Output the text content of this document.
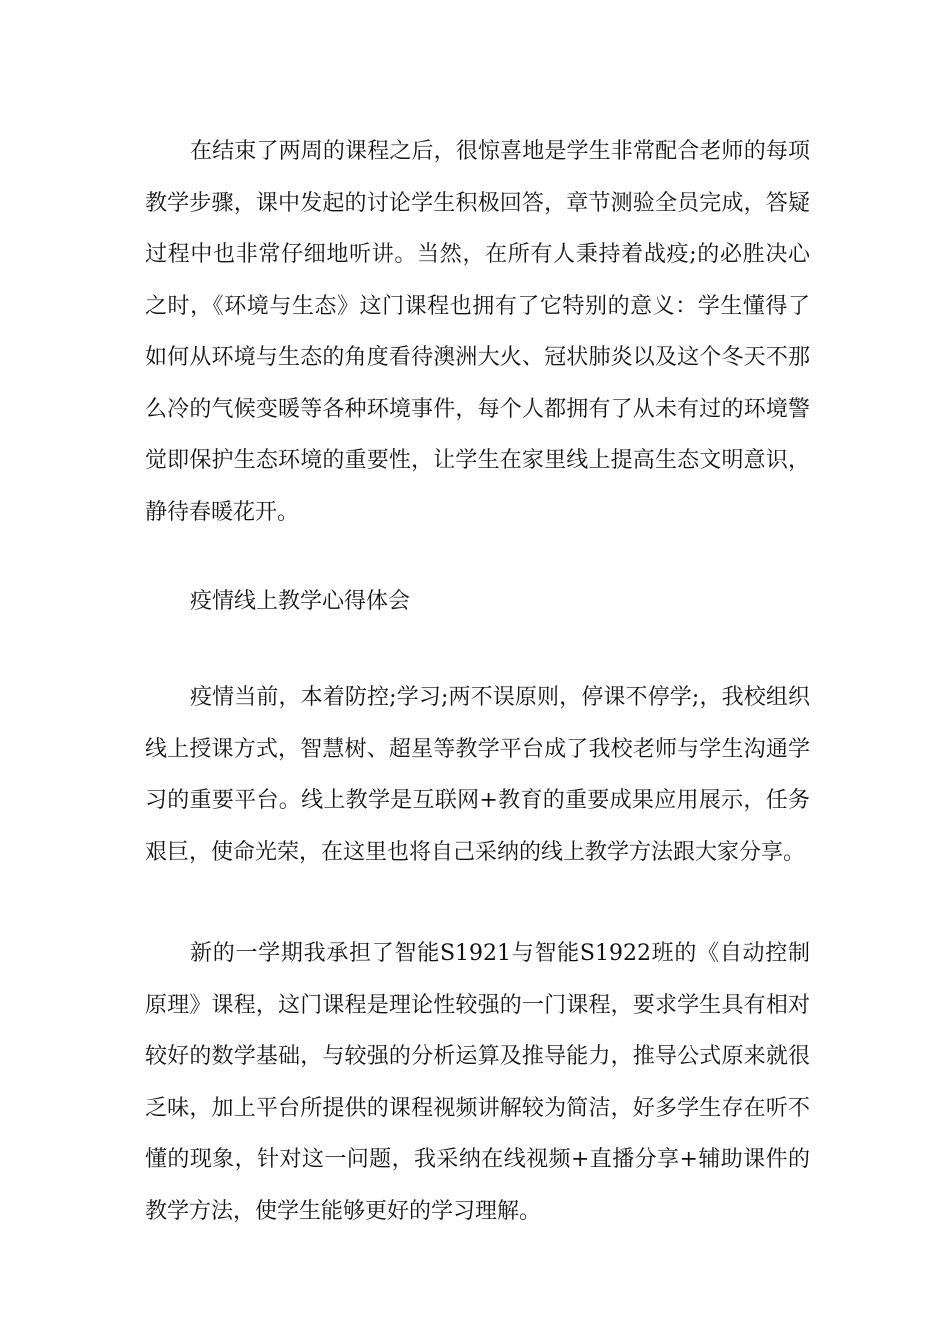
在结束了两周的课程之后，很惊喜地是学生非常配合老师的每项教学步骤，课中发起的讨论学生积极回答，章节测验全员完成，答疑过程中也非常仔细地听讲。当然，在所有人秉持着战疫;的必胜决心之时，《环境与生态》这门课程也拥有了它特别的意义：学生懂得了如何从环境与生态的角度看待澳洲大火、冠状肺炎以及这个冬天不那么冷的气候变暖等各种环境事件，每个人都拥有了从未有过的环境警觉即保护生态环境的重要性，让学生在家里线上提高生态文明意识，静待春暖花开。

疫情线上教学心得体会

疫情当前，本着防控;学习;两不误原则，停课不停学;，我校组织线上授课方式，智慧树、超星等教学平台成了我校老师与学生沟通学习的重要平台。线上教学是互联网+教育的重要成果应用展示，任务艰巨，使命光荣，在这里也将自己采纳的线上教学方法跟大家分享。

新的一学期我承担了智能S1921与智能S1922班的《自动控制原理》课程，这门课程是理论性较强的一门课程，要求学生具有相对较好的数学基础，与较强的分析运算及推导能力，推导公式原来就很乏味，加上平台所提供的课程视频讲解较为简洁，好多学生存在听不懂的现象，针对这一问题，我采纳在线视频+直播分享+辅助课件的教学方法，使学生能够更好的学习理解。
